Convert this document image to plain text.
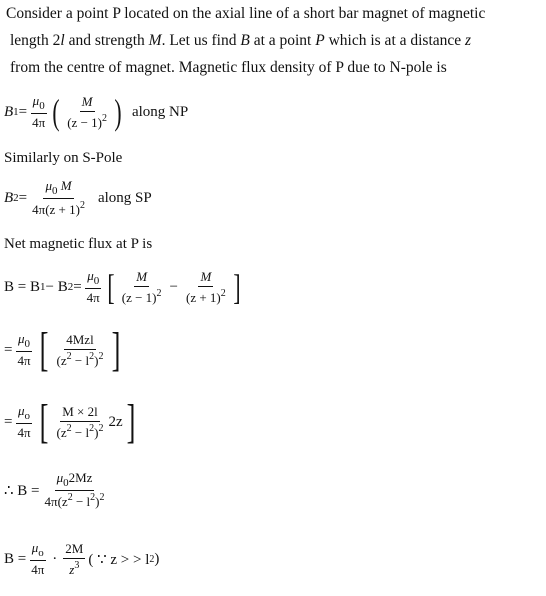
Consider a point P located on the axial line of a short bar magnet of magnetic

length 2l and strength M. Let us find B at a point P which is at a distance z
from the centre of magnet. Magnetic flux density of P due to N-pole is
B $1 = \frac{\mu_0}{4\pi}$ ( $\frac{M}{(z - 1)^2}$ ) along NP
Similarly on S-Pole
B $2 = \frac{\mu_0 M}{4\pi(z + 1)^2}$ along SP
Net magnetic flux at P is
B = B 1 − B $2 = \frac{\mu_0}{4\pi}$ [ $\frac{M}{(z - 1)^2} - \frac{M}{(z + 1)^2}$ ]
= $\frac{\mu_0}{4\pi}$ [ $\frac{\text{4Mzl}}{(z^2 - l^2)^2}$ ]
= $\frac{\mu_o}{4\pi}$ [ $\frac{M \times 2l}{(z^2 - l^2)^2} 2z$ ]
∴ $B = \frac{\mu_02Mz}{4\pi(z^2 - l^2)^2}$
$B = \frac{\mu_o}{4\pi} \cdot \frac{2M}{z^3}$ ( ∵ z > > l 2 )
